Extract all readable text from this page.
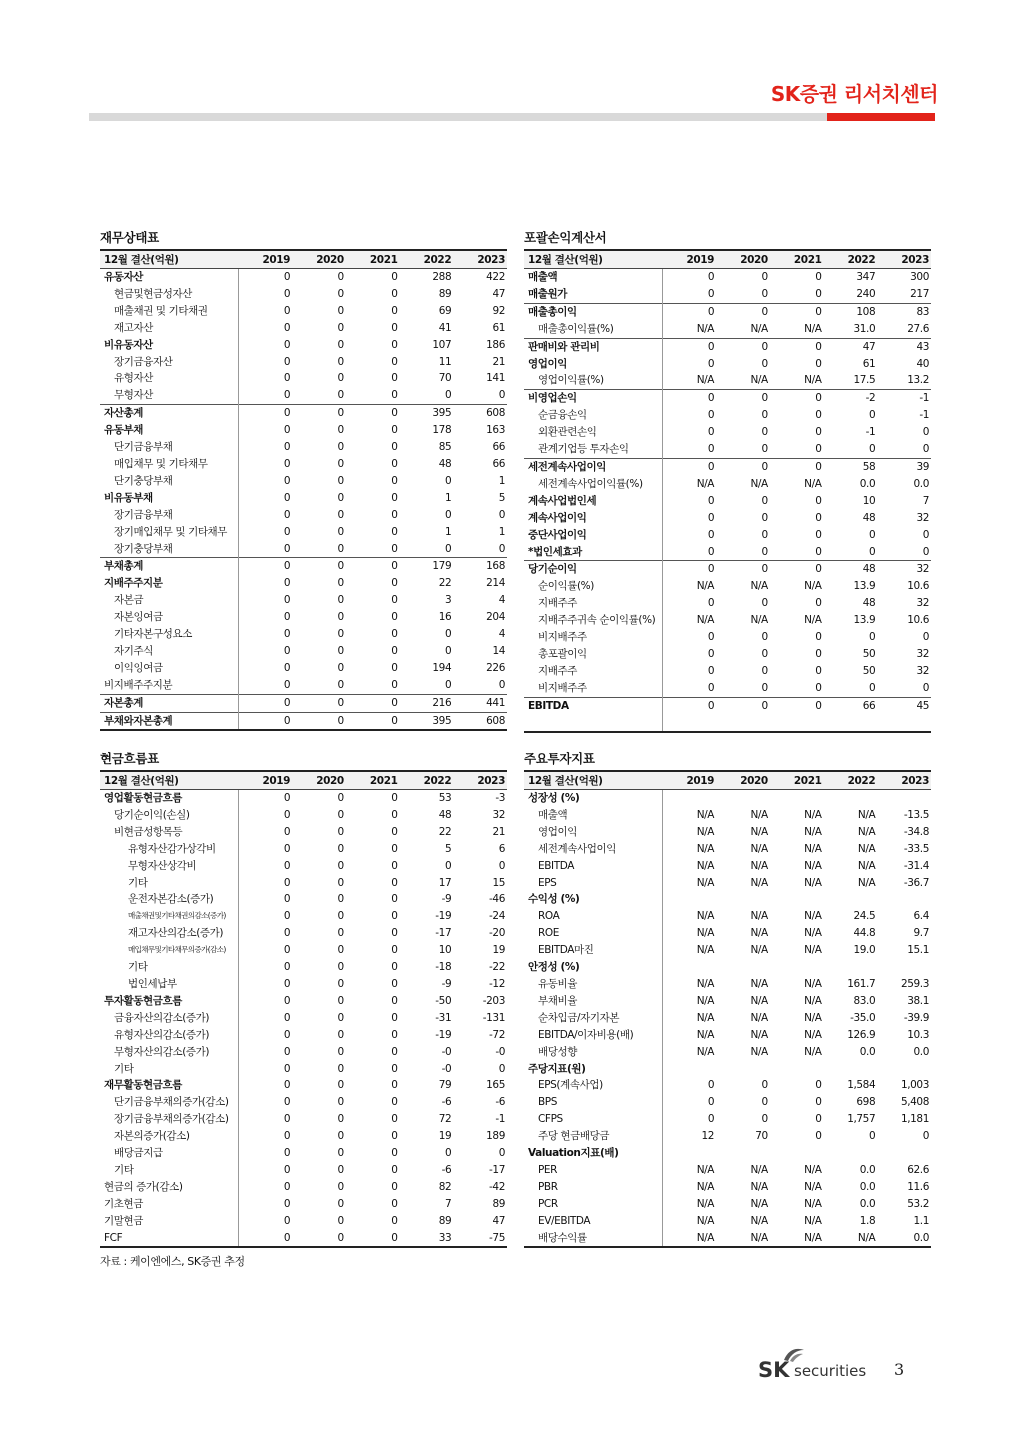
SK증권 리서치센터
재무상태표
12월 결산(억원)	2019	2020	2021	2022	2023
유동자산	0	0	0	288	422
현금및현금성자산	0	0	0	89	47
매출채권 및 기타채권	0	0	0	69	92
재고자산	0	0	0	41	61
비유동자산	0	0	0	107	186
장기금융자산	0	0	0	11	21
유형자산	0	0	0	70	141
무형자산	0	0	0	0	0
자산총계	0	0	0	395	608
유동부채	0	0	0	178	163
단기금융부채	0	0	0	85	66
매입채무 및 기타채무	0	0	0	48	66
단기충당부채	0	0	0	0	1
비유동부채	0	0	0	1	5
장기금융부채	0	0	0	0	0
장기매입채무 및 기타채무	0	0	0	1	1
장기충당부채	0	0	0	0	0
부채총계	0	0	0	179	168
지배주주지분	0	0	0	22	214
자본금	0	0	0	3	4
자본잉여금	0	0	0	16	204
기타자본구성요소	0	0	0	0	4
자기주식	0	0	0	0	14
이익잉여금	0	0	0	194	226
비지배주주지분	0	0	0	0	0
자본총계	0	0	0	216	441
부채와자본총계	0	0	0	395	608
포괄손익계산서
12월 결산(억원)	2019	2020	2021	2022	2023
매출액	0	0	0	347	300
매출원가	0	0	0	240	217
매출총이익	0	0	0	108	83
매출총이익률(%)	N/A	N/A	N/A	31.0	27.6
판매비와 관리비	0	0	0	47	43
영업이익	0	0	0	61	40
영업이익률(%)	N/A	N/A	N/A	17.5	13.2
비영업손익	0	0	0	-2	-1
순금융손익	0	0	0	0	-1
외환관련손익	0	0	0	-1	0
관계기업등 투자손익	0	0	0	0	0
세전계속사업이익	0	0	0	58	39
세전계속사업이익률(%)	N/A	N/A	N/A	0.0	0.0
계속사업법인세	0	0	0	10	7
계속사업이익	0	0	0	48	32
중단사업이익	0	0	0	0	0
*법인세효과	0	0	0	0	0
당기순이익	0	0	0	48	32
순이익률(%)	N/A	N/A	N/A	13.9	10.6
지배주주	0	0	0	48	32
지배주주귀속 순이익률(%)	N/A	N/A	N/A	13.9	10.6
비지배주주	0	0	0	0	0
총포괄이익	0	0	0	50	32
지배주주	0	0	0	50	32
비지배주주	0	0	0	0	0
EBITDA	0	0	0	66	45

현금흐름표
12월 결산(억원)	2019	2020	2021	2022	2023
영업활동현금흐름	0	0	0	53	-3
당기순이익(손실)	0	0	0	48	32
비현금성항목등	0	0	0	22	21
유형자산감가상각비	0	0	0	5	6
무형자산상각비	0	0	0	0	0
기타	0	0	0	17	15
운전자본감소(증가)	0	0	0	-9	-46
매출채권및기타채권의감소(증가)	0	0	0	-19	-24
재고자산의감소(증가)	0	0	0	-17	-20
매입채무및기타채무의증가(감소)	0	0	0	10	19
기타	0	0	0	-18	-22
법인세납부	0	0	0	-9	-12
투자활동현금흐름	0	0	0	-50	-203
금융자산의감소(증가)	0	0	0	-31	-131
유형자산의감소(증가)	0	0	0	-19	-72
무형자산의감소(증가)	0	0	0	-0	-0
기타	0	0	0	-0	0
재무활동현금흐름	0	0	0	79	165
단기금융부채의증가(감소)	0	0	0	-6	-6
장기금융부채의증가(감소)	0	0	0	72	-1
자본의증가(감소)	0	0	0	19	189
배당금지급	0	0	0	0	0
기타	0	0	0	-6	-17
현금의 증가(감소)	0	0	0	82	-42
기초현금	0	0	0	7	89
기말현금	0	0	0	89	47
FCF	0	0	0	33	-75
주요투자지표
12월 결산(억원)	2019	2020	2021	2022	2023
성장성 (%)					
매출액	N/A	N/A	N/A	N/A	-13.5
영업이익	N/A	N/A	N/A	N/A	-34.8
세전계속사업이익	N/A	N/A	N/A	N/A	-33.5
EBITDA	N/A	N/A	N/A	N/A	-31.4
EPS	N/A	N/A	N/A	N/A	-36.7
수익성 (%)					
ROA	N/A	N/A	N/A	24.5	6.4
ROE	N/A	N/A	N/A	44.8	9.7
EBITDA마진	N/A	N/A	N/A	19.0	15.1
안정성 (%)					
유동비율	N/A	N/A	N/A	161.7	259.3
부채비율	N/A	N/A	N/A	83.0	38.1
순차입금/자기자본	N/A	N/A	N/A	-35.0	-39.9
EBITDA/이자비용(배)	N/A	N/A	N/A	126.9	10.3
배당성향	N/A	N/A	N/A	0.0	0.0
주당지표(원)					
EPS(계속사업)	0	0	0	1,584	1,003
BPS	0	0	0	698	5,408
CFPS	0	0	0	1,757	1,181
주당 현금배당금	12	70	0	0	0
Valuation지표(배)					
PER	N/A	N/A	N/A	0.0	62.6
PBR	N/A	N/A	N/A	0.0	11.6
PCR	N/A	N/A	N/A	0.0	53.2
EV/EBITDA	N/A	N/A	N/A	1.8	1.1
배당수익률	N/A	N/A	N/A	N/A	0.0
자료 : 케이엔에스, SK증권 추정
SK securities 3
